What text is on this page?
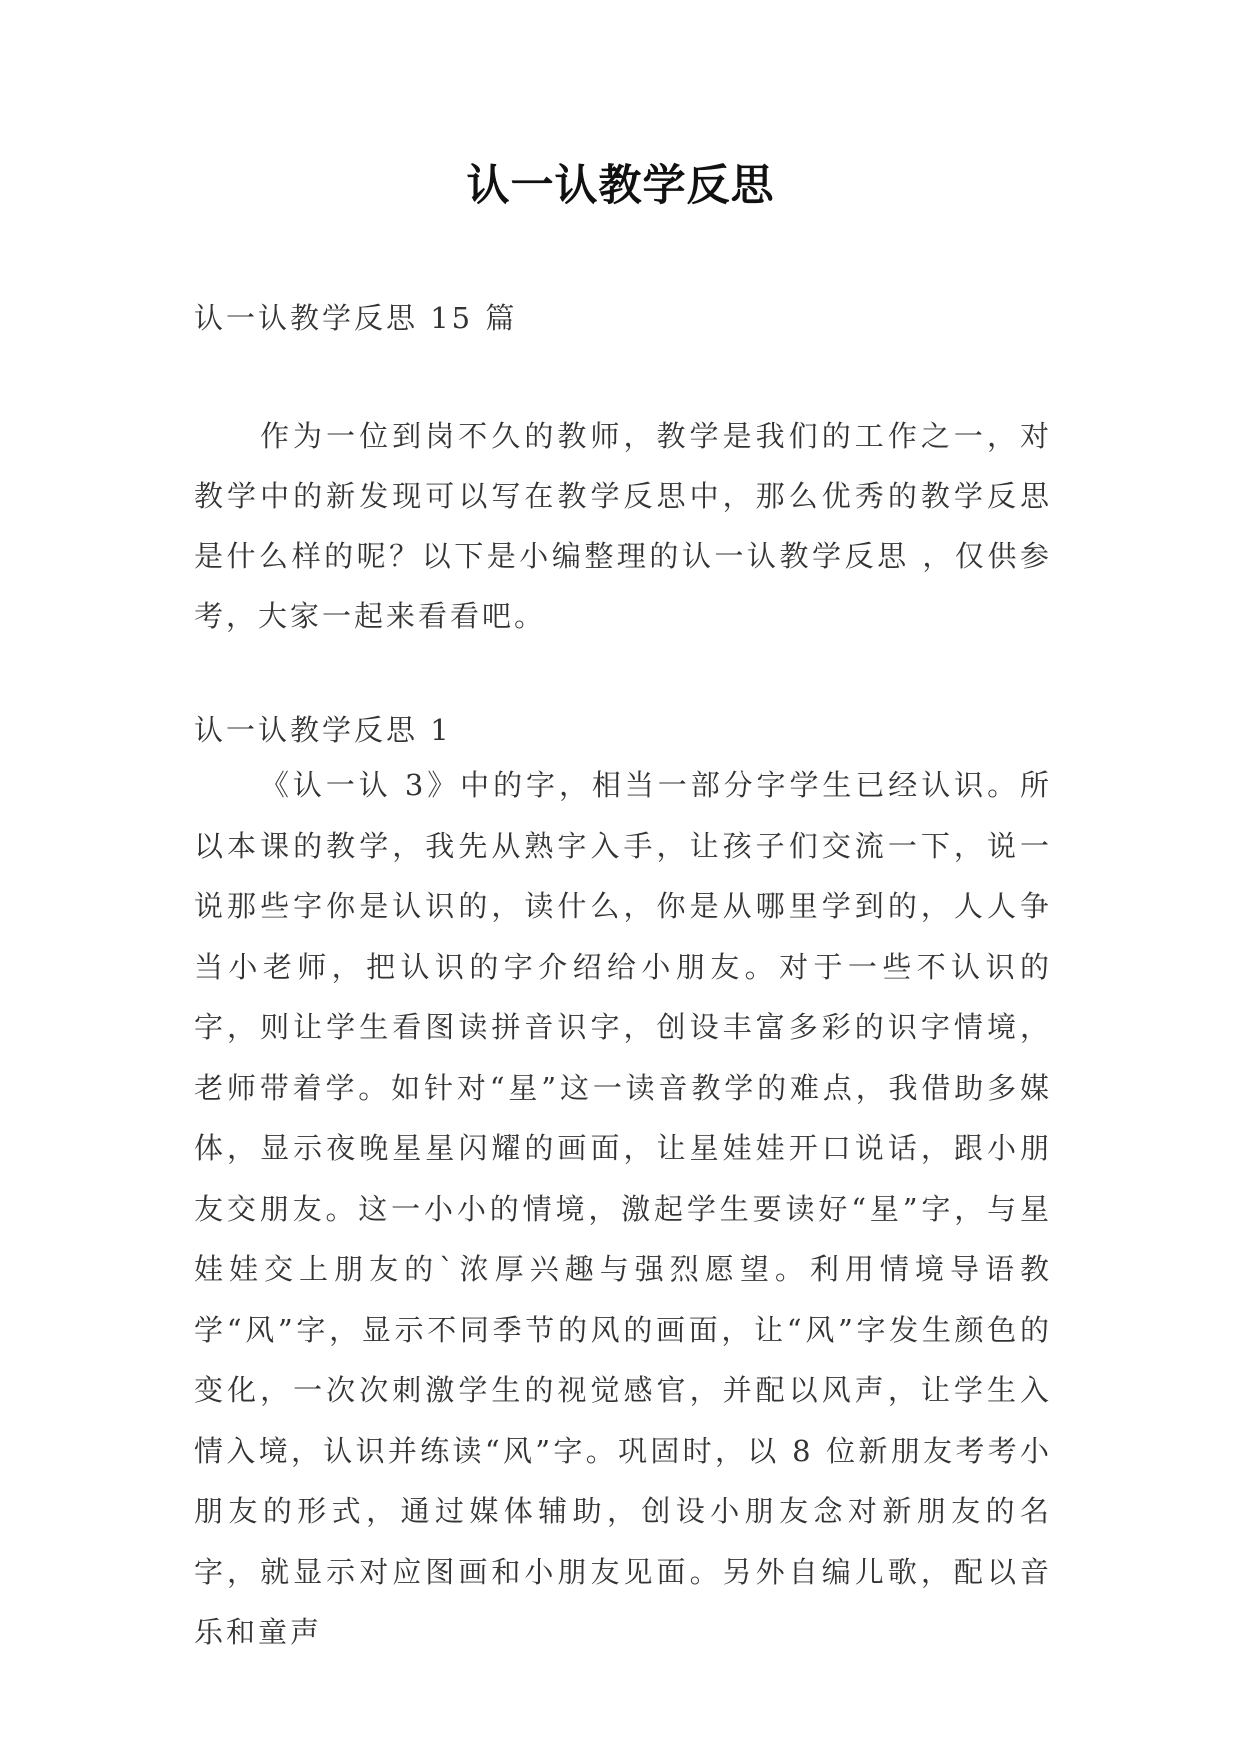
认一认教学反思
认一认教学反思 15 篇
作为一位到岗不久的教师，教学是我们的工作之一，对教学中的新发现可以写在教学反思中，那么优秀的教学反思是什么样的呢？以下是小编整理的认一认教学反思 ，仅供参考，大家一起来看看吧。
认一认教学反思 1
《认一认 3》中的字，相当一部分字学生已经认识。所以本课的教学，我先从熟字入手，让孩子们交流一下，说一说那些字你是认识的，读什么，你是从哪里学到的，人人争当小老师，把认识的字介绍给小朋友。对于一些不认识的字，则让学生看图读拼音识字，创设丰富多彩的识字情境，老师带着学。如针对“星”这一读音教学的难点，我借助多媒体，显示夜晚星星闪耀的画面，让星娃娃开口说话，跟小朋友交朋友。这一小小的情境，激起学生要读好“星”字，与星娃娃交上朋友的`浓厚兴趣与强烈愿望。利用情境导语教学“风”字，显示不同季节的风的画面，让“风”字发生颜色的变化，一次次刺激学生的视觉感官，并配以风声，让学生入情入境，认识并练读“风”字。巩固时，以 8 位新朋友考考小朋友的形式，通过媒体辅助，创设小朋友念对新朋友的名字，就显示对应图画和小朋友见面。另外自编儿歌，配以音乐和童声
